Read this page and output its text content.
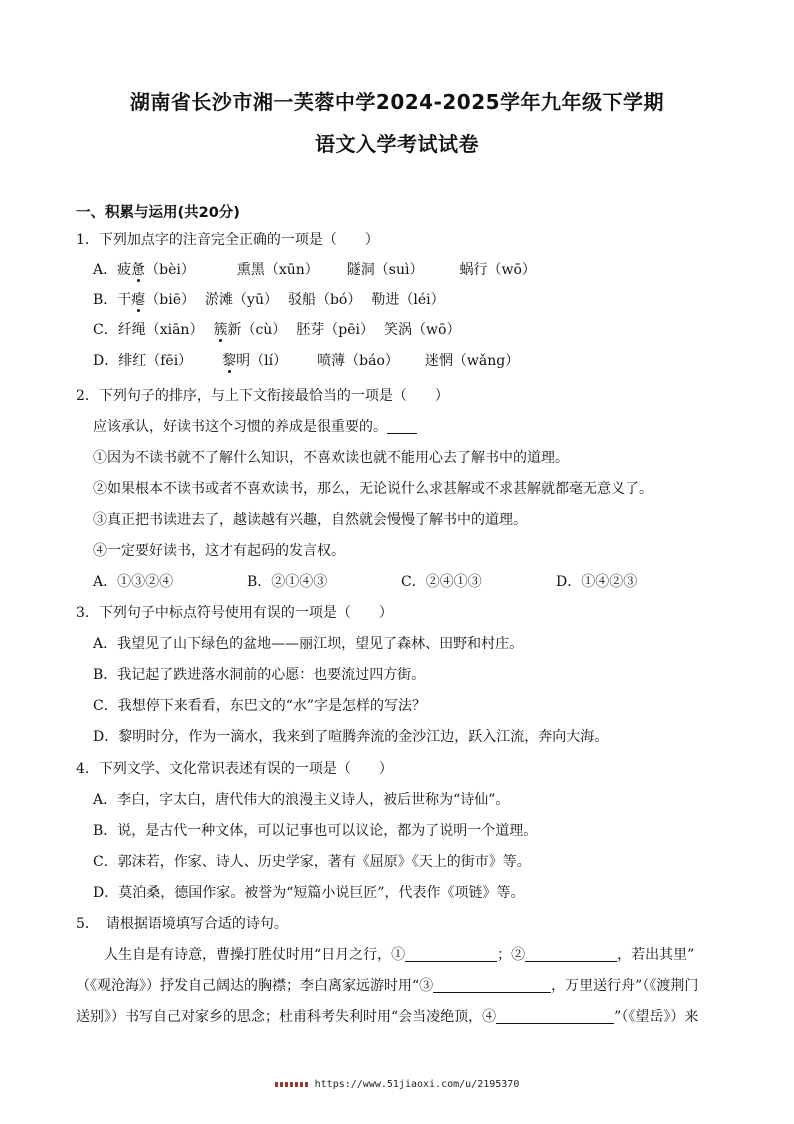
湖南省长沙市湘一芙蓉中学2024-2025学年九年级下学期
语文入学考试试卷
一、积累与运用(共20分)
1．下列加点字的注音完全正确的一项是（　　）
A．疲惫（bèi）	熏黑（xūn） 隧洞（suì）	蜗行（wō）
B．干瘪（biē） 淤滩（yū） 驳船（bó） 勒进（léi）
C．纤绳（xiān） 簇新（cù） 胚芽（pēi） 笑涡（wō）
D．绯红（fēi） 黎明（lí） 喷薄（báo） 迷惘（wǎng）
2．下列句子的排序，与上下文衔接最恰当的一项是（　　）
应该承认，好读书这个习惯的养成是很重要的。
①因为不读书就不了解什么知识，不喜欢读也就不能用心去了解书中的道理。
②如果根本不读书或者不喜欢读书，那么，无论说什么求甚解或不求甚解就都毫无意义了。
③真正把书读进去了，越读越有兴趣，自然就会慢慢了解书中的道理。
④一定要好读书，这才有起码的发言权。
A．①③②④	B．②①④③	C．②④①③	D．①④②③
3．下列句子中标点符号使用有误的一项是（　　）
A．我望见了山下绿色的盆地——丽江坝，望见了森林、田野和村庄。
B．我记起了跌进落水洞前的心愿：也要流过四方街。
C．我想停下来看看，东巴文的“水”字是怎样的写法？
D．黎明时分，作为一滴水，我来到了喧腾奔流的金沙江边，跃入江流，奔向大海。
4．下列文学、文化常识表述有误的一项是（　　）
A．李白，字太白，唐代伟大的浪漫主义诗人，被后世称为“诗仙”。
B．说，是古代一种文体，可以记事也可以议论，都为了说明一个道理。
C．郭沫若，作家、诗人、历史学家，著有《屈原》《天上的街市》等。
D．莫泊桑，德国作家。被誉为“短篇小说巨匠”，代表作《项链》等。
5．　请根据语境填写合适的诗句。
人生自是有诗意，曹操打胜仗时用“日月之行，①	；②	，若出其里”
（《观沧海》）抒发自己阔达的胸襟；李白离家远游时用“③	，万里送行舟”（《渡荆门
送别》）书写自己对家乡的思念；杜甫科考失利时用“会当凌绝顶，④	”（《望岳》）来
https://www.51jiaoxi.com/u/2195370
